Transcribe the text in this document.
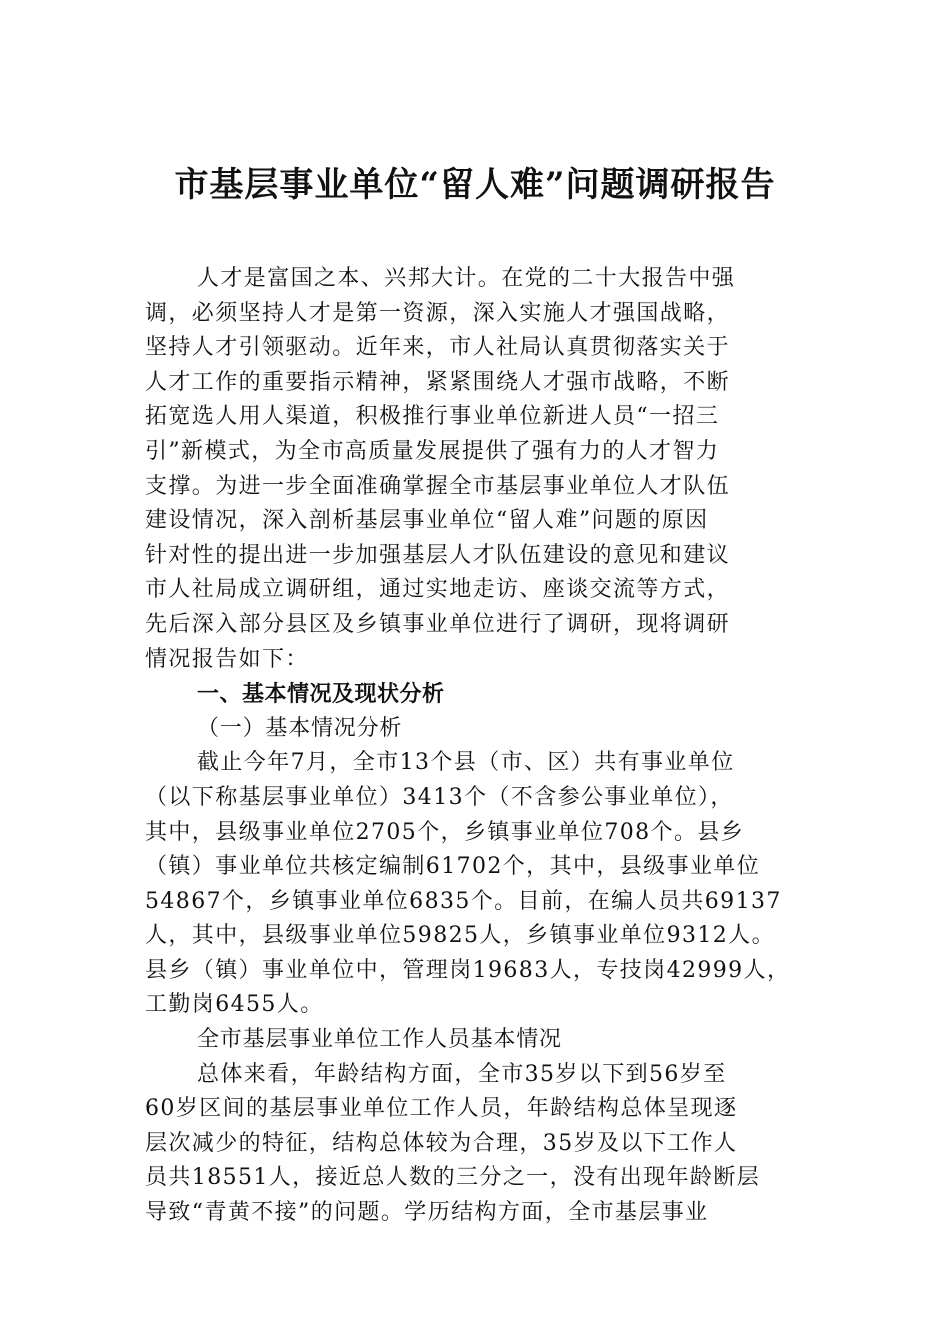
市基层事业单位“留人难”问题调研报告
人才是富国之本、兴邦大计。在党的二十大报告中强
调，必须坚持人才是第一资源，深入实施人才强国战略，
坚持人才引领驱动。近年来，市人社局认真贯彻落实关于
人才工作的重要指示精神，紧紧围绕人才强市战略，不断
拓宽选人用人渠道，积极推行事业单位新进人员“一招三
引”新模式，为全市高质量发展提供了强有力的人才智力
支撑。为进一步全面准确掌握全市基层事业单位人才队伍
建设情况，深入剖析基层事业单位“留人难”问题的原因
针对性的提出进一步加强基层人才队伍建设的意见和建议
市人社局成立调研组，通过实地走访、座谈交流等方式，
先后深入部分县区及乡镇事业单位进行了调研，现将调研
情况报告如下：
一、基本情况及现状分析
（一）基本情况分析
截止今年7月，全市13个县（市、区）共有事业单位
（以下称基层事业单位）3413个（不含参公事业单位），
其中，县级事业单位2705个，乡镇事业单位708个。县乡
（镇）事业单位共核定编制61702个，其中，县级事业单位
54867个，乡镇事业单位6835个。目前，在编人员共69137
人，其中，县级事业单位59825人，乡镇事业单位9312人。
县乡（镇）事业单位中，管理岗19683人，专技岗42999人，
工勤岗6455人。
全市基层事业单位工作人员基本情况
总体来看，年龄结构方面，全市35岁以下到56岁至
60岁区间的基层事业单位工作人员，年龄结构总体呈现逐
层次减少的特征，结构总体较为合理，35岁及以下工作人
员共18551人，接近总人数的三分之一，没有出现年龄断层
导致“青黄不接”的问题。学历结构方面，全市基层事业
